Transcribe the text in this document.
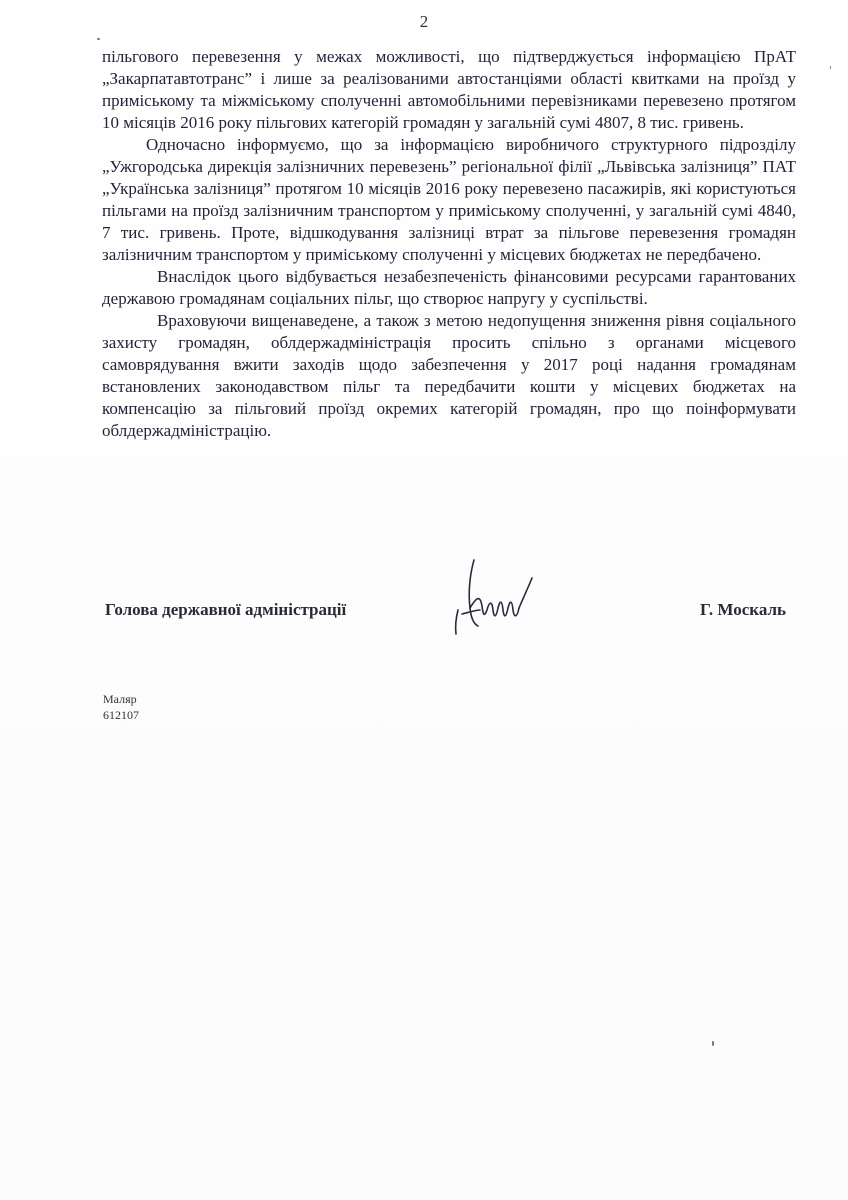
2

пільгового перевезення у межах можливості, що підтверджується інформацією ПрАТ „Закарпатавтотранс” і лише за реалізованими автостанціями області квитками на проїзд у приміському та міжміському сполученні автомобільними перевізниками перевезено протягом 10 місяців 2016 року пільгових категорій громадян у загальній сумі 4807, 8 тис. гривень.

Одночасно інформуємо, що за інформацією виробничого структурного підрозділу „Ужгородська дирекція залізничних перевезень” регіональної філії „Львівська залізниця” ПАТ „Українська залізниця” протягом 10 місяців 2016 року перевезено пасажирів, які користуються пільгами на проїзд залізничним транспортом у приміському сполученні, у загальній сумі 4840, 7 тис. гривень. Проте, відшкодування залізниці втрат за пільгове перевезення громадян залізничним транспортом у приміському сполученні у місцевих бюджетах не передбачено.

Внаслідок цього відбувається незабезпеченість фінансовими ресурсами гарантованих державою громадянам соціальних пільг, що створює напругу у суспільстві.

Враховуючи вищенаведене, а також з метою недопущення зниження рівня соціального захисту громадян, облдержадміністрація просить спільно з органами місцевого самоврядування вжити заходів щодо забезпечення у 2017 році надання громадянам встановлених законодавством пільг та передбачити кошти у місцевих бюджетах на компенсацію за пільговий проїзд окремих категорій громадян, про що поінформувати облдержадміністрацію.

Голова державної адміністрації	Г. Москаль
Маляр
612107
